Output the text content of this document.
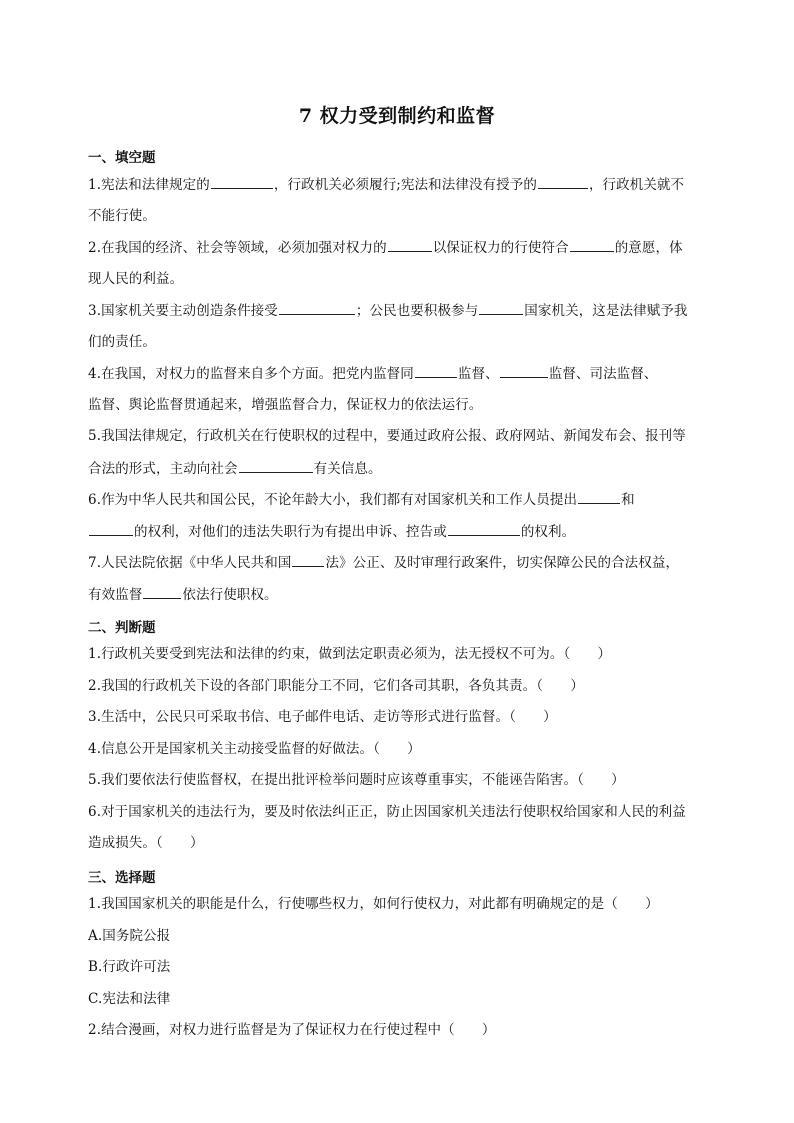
7 权力受到制约和监督
一、填空题
1.宪法和法律规定的	，行政机关必须履行;宪法和法律没有授予的	，行政机关就不
不能行使。
2.在我国的经济、社会等领域，必须加强对权力的	以保证权力的行使符合	的意愿，体
现人民的利益。
3.国家机关要主动创造条件接受	；公民也要积极参与	国家机关，这是法律赋予我
们的责任。
4.在我国，对权力的监督来自多个方面。把党内监督同	监督、	监督、司法监督、
监督、舆论监督贯通起来，增强监督合力，保证权力的依法运行。
5.我国法律规定，行政机关在行使职权的过程中，要通过政府公报、政府网站、新闻发布会、报刊等
合法的形式，主动向社会	有关信息。
6.作为中华人民共和国公民，不论年龄大小，我们都有对国家机关和工作人员提出	和
的权利，对他们的违法失职行为有提出申诉、控告或	的权利。
7.人民法院依据《中华人民共和国	法》公正、及时审理行政案件，切实保障公民的合法权益，
有效监督	依法行使职权。
二、判断题
1.行政机关要受到宪法和法律的约束，做到法定职责必须为，法无授权不可为。（　　）
2.我国的行政机关下设的各部门职能分工不同，它们各司其职，各负其责。（　　）
3.生活中，公民只可采取书信、电子邮件电话、走访等形式进行监督。（　　）
4.信息公开是国家机关主动接受监督的好做法。（　　）
5.我们要依法行使监督权，在提出批评检举问题时应该尊重事实，不能诬告陷害。（　　）
6.对于国家机关的违法行为，要及时依法纠正正，防止因国家机关违法行使职权给国家和人民的利益
造成损失。（　　）
三、选择题
1.我国国家机关的职能是什么，行使哪些权力，如何行使权力，对此都有明确规定的是（　　）
A.国务院公报
B.行政许可法
C.宪法和法律
2.结合漫画，对权力进行监督是为了保证权力在行使过程中（　　）
